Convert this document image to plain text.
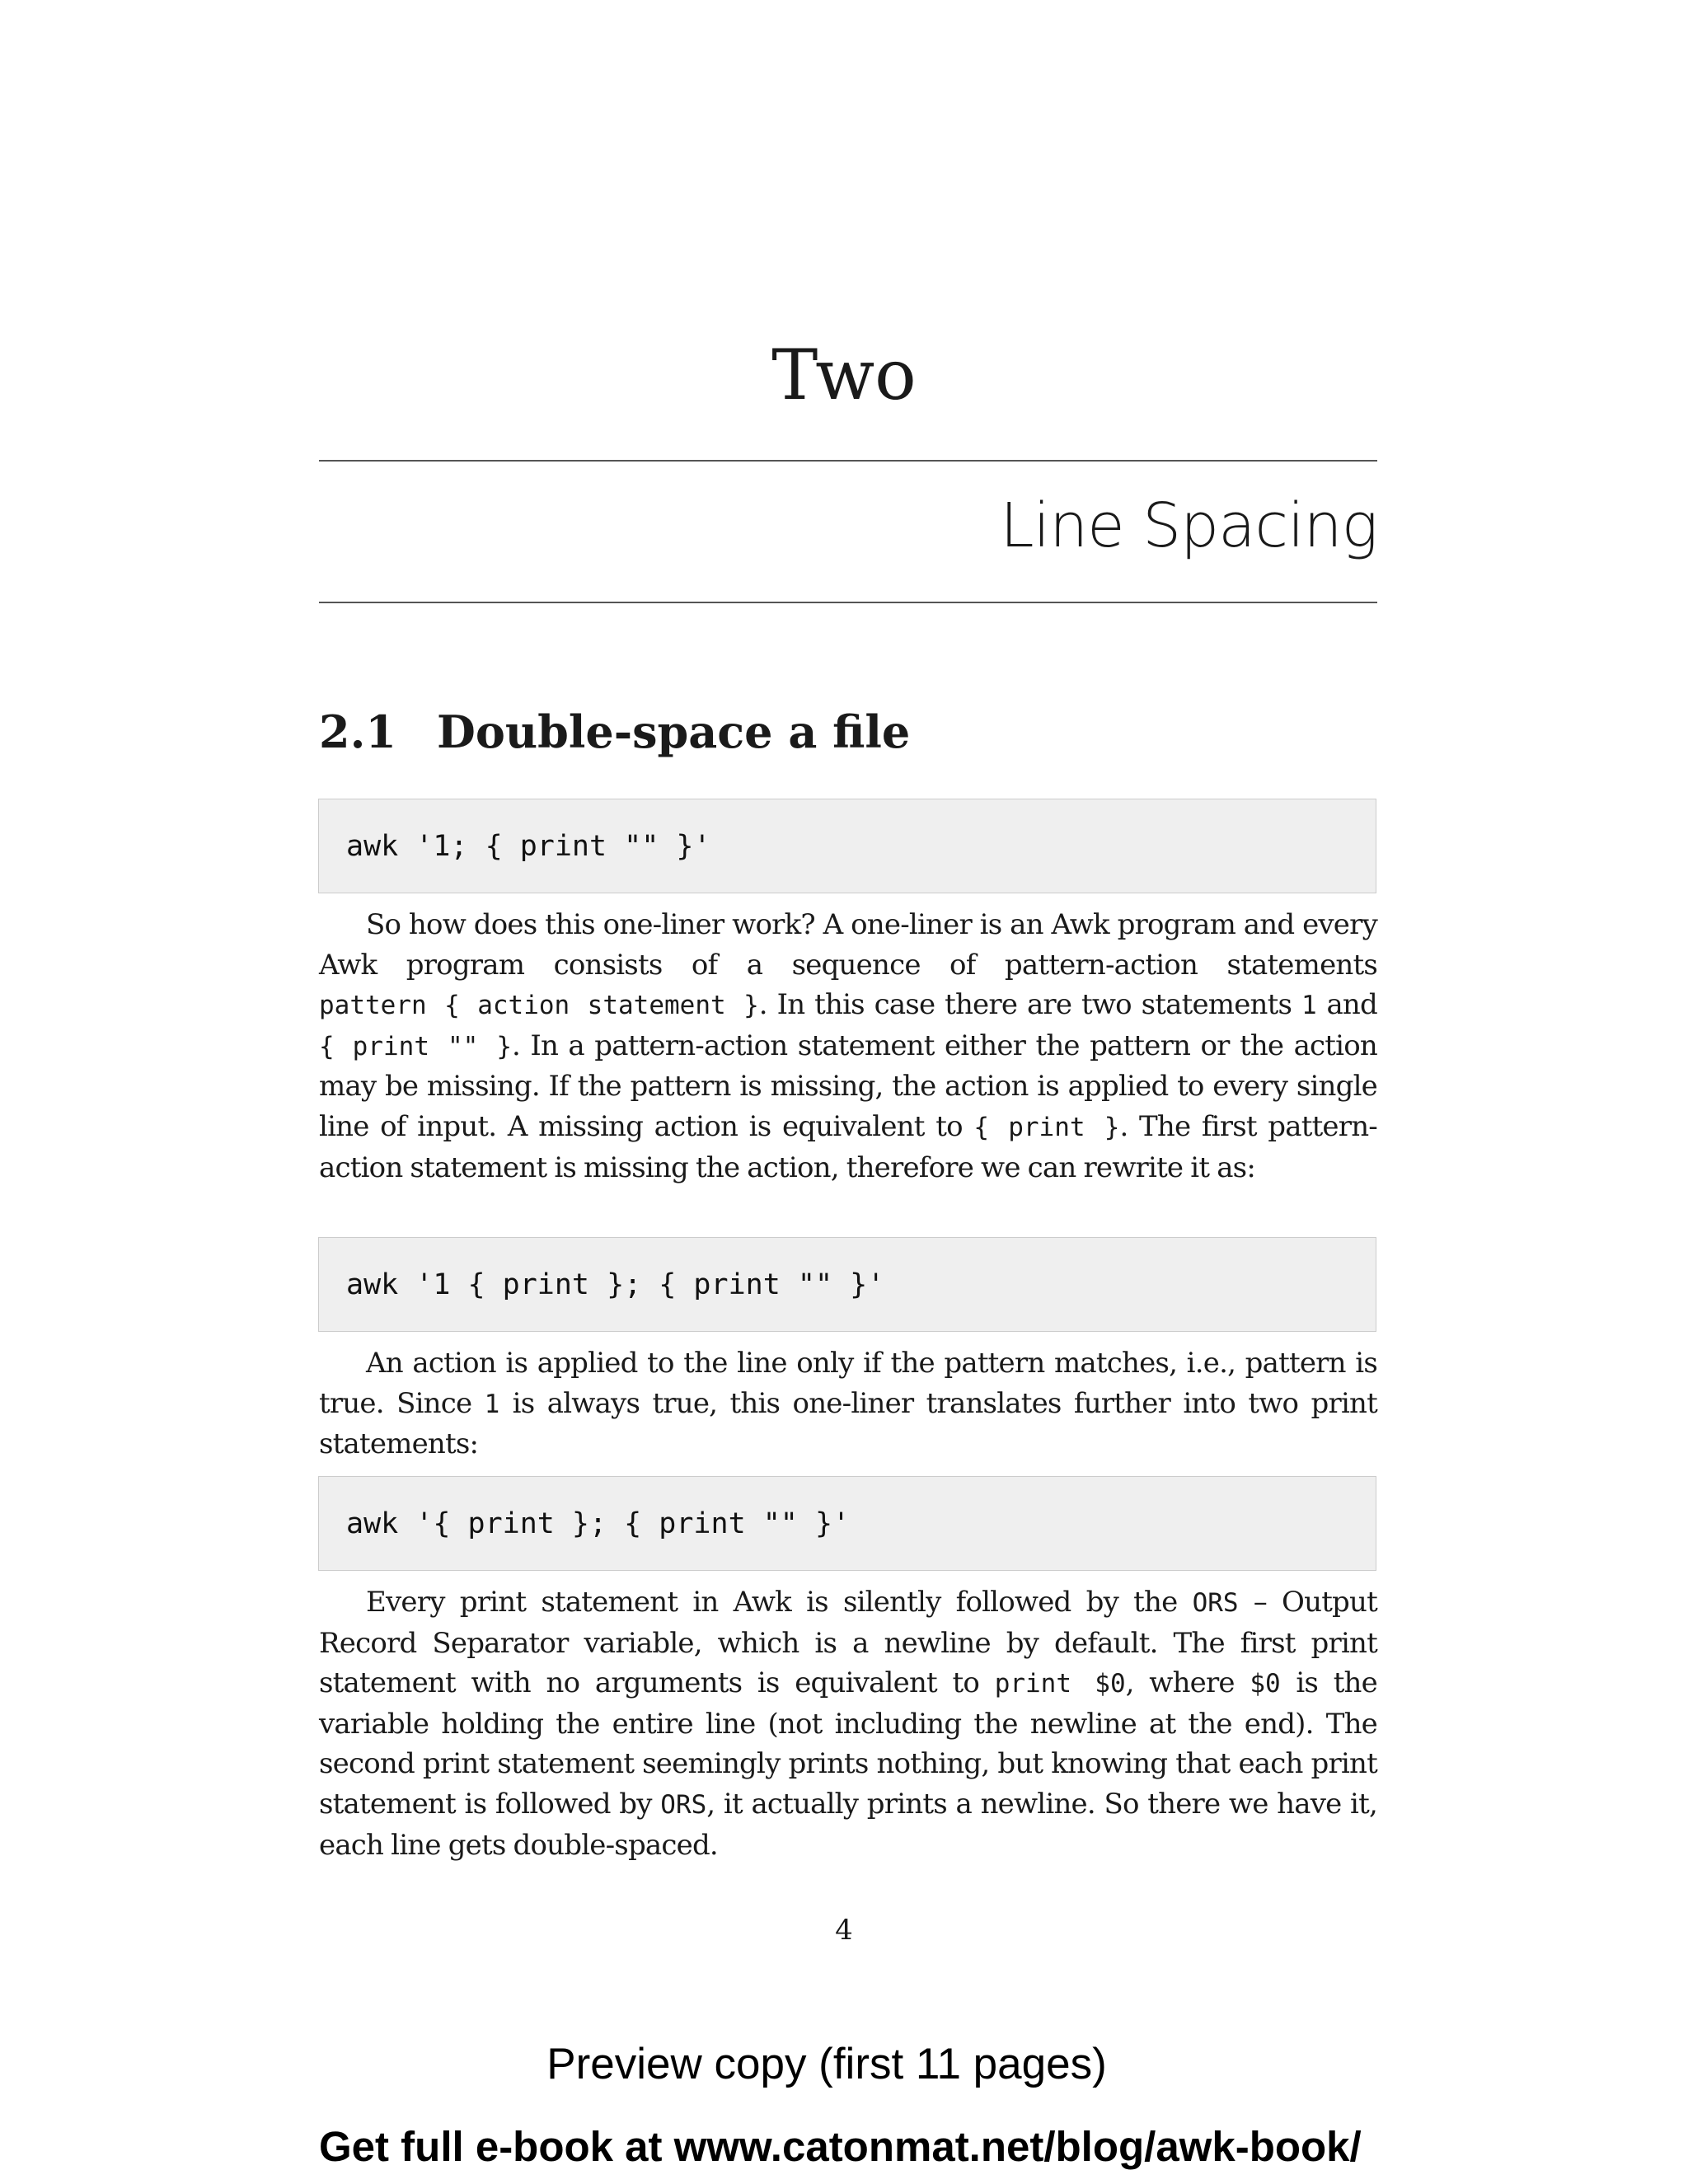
Two
Line Spacing
2.1 Double-space a file
awk '1; { print "" }'

So how does this one-liner work? A one-liner is an Awk program and every Awk program consists of a sequence of pattern-action statements pattern { action statement }. In this case there are two statements 1 and { print "" }. In a pattern-action statement either the pattern or the action may be missing. If the pattern is missing, the action is applied to every single line of input. A missing action is equivalent to { print }. The first pattern-action statement is missing the action, therefore we can rewrite it as:

awk '1 { print }; { print "" }'

An action is applied to the line only if the pattern matches, i.e., pattern is true. Since 1 is always true, this one-liner translates further into two print statements:

awk '{ print }; { print "" }'

Every print statement in Awk is silently followed by the ORS – Output Record Separator variable, which is a newline by default. The first print statement with no arguments is equivalent to print $0, where $0 is the variable holding the entire line (not including the newline at the end). The second print statement seemingly prints nothing, but knowing that each print statement is followed by ORS, it actually prints a newline. So there we have it, each line gets double-spaced.

4
Preview copy (first 11 pages)
Get full e-book at www.catonmat.net/blog/awk-book/
